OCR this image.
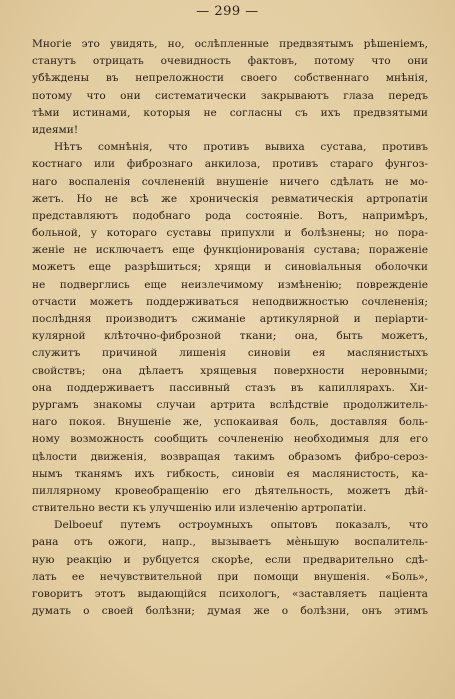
— 299 —
Многіе это увидять, но, ослѣпленные предвзятымъ рѣшеніемъ,
станутъ отрицать очевидность фактовъ, потому что они
убѣждены въ непреложности своего собственнаго мнѣнія,
потому что они систематически закрываютъ глаза передъ
тѣми истинами, которыя не согласны съ ихъ предвзятыми
идеями!
Нѣтъ сомнѣнія, что противъ вывиха сустава, противъ
костнаго или фибрознаго анкилоза, противъ стараго фунгоз-
наго воспаленія сочлененій внушеніе ничего сдѣлать не мо-
жетъ. Но не всѣ же хроническія ревматическія артропатіи
представляютъ подобнаго рода состояніе. Вотъ, напримѣръ,
больной, у котораго суставы припухли и болѣзнены; но пора-
женіе не исключаетъ еще функціонированія сустава; пораженіе
можетъ еще разрѣшиться; хрящи и синовіальныя оболочки
не подверглись еще неизлечимому измѣненію; поврежденіе
отчасти можетъ поддерживаться неподвижностью сочлененія;
послѣдняя производитъ сжиманіе артикулярной и періарти-
кулярной клѣточно-фиброзной ткани; она, быть можетъ,
служитъ причиной лишенія синовіи ея маслянистыхъ
свойствъ; она дѣлаетъ хрящевыя поверхности неровными;
она поддерживаетъ пассивный стазъ въ капиллярахъ. Хи-
рургамъ знакомы случаи артрита вслѣдствіе продолжитель-
наго покоя. Внушеніе же, успокаивая боль, доставляя боль-
ному возможность сообщить сочлененію необходимыя для его
цѣлости движенія, возвращая такимъ образомъ фибро-сероз-
нымъ тканямъ ихъ гибкость, синовіи ея маслянистость, ка-
пиллярному кровеобращенію его дѣятельность, можетъ дѣй-
ствительно вести къ улучшенію или излеченію артропатіи.
Delboeuf путемъ остроумныхъ опытовъ показалъ, что
рана отъ ожоги, напр., вызываетъ мѐньшую воспалитель-
ную реакцію и рубцуется скорѣе, если предварительно сдѣ-
лать ее нечувствительной при помощи внушенія. «Боль»,
говоритъ этотъ выдающійся психологъ, «заставляетъ паціента
думать о своей болѣзни; думая же о болѣзни, онъ этимъ
